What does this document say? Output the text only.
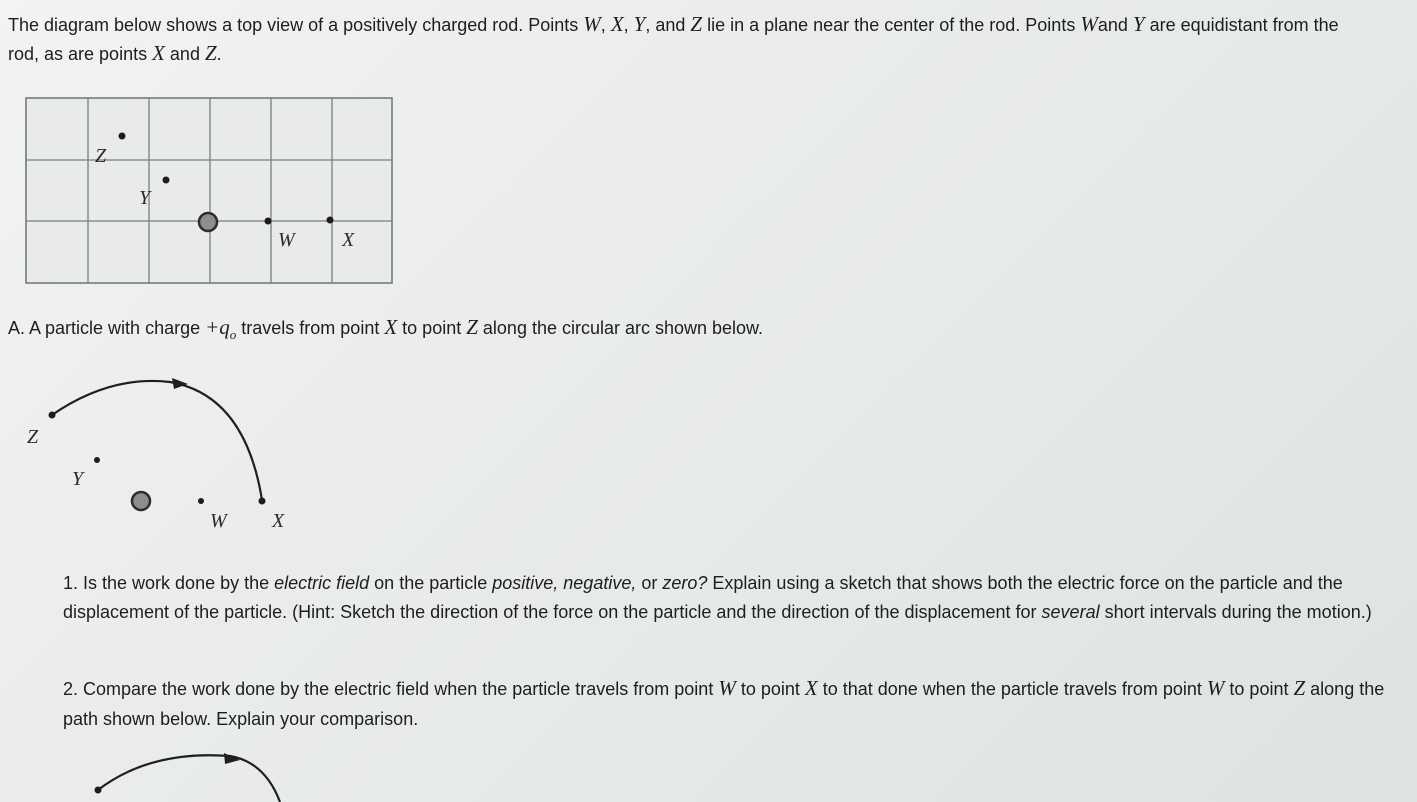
The diagram below shows a top view of a positively charged rod. Points W, X, Y, and Z lie in a plane near the center of the rod. Points Wand Y are equidistant from the rod, as are points X and Z.

Z
Y
W X

A. A particle with charge $+q_o$ travels from point X to point Z along the circular arc shown below.

Z
Y
W X

1. Is the work done by the electric field on the particle positive, negative, or zero? Explain using a sketch that shows both the electric force on the particle and the displacement of the particle. (Hint: Sketch the direction of the force on the particle and the direction of the displacement for several short intervals during the motion.)

2. Compare the work done by the electric field when the particle travels from point W to point X to that done when the particle travels from point W to point Z along the path shown below. Explain your comparison.
